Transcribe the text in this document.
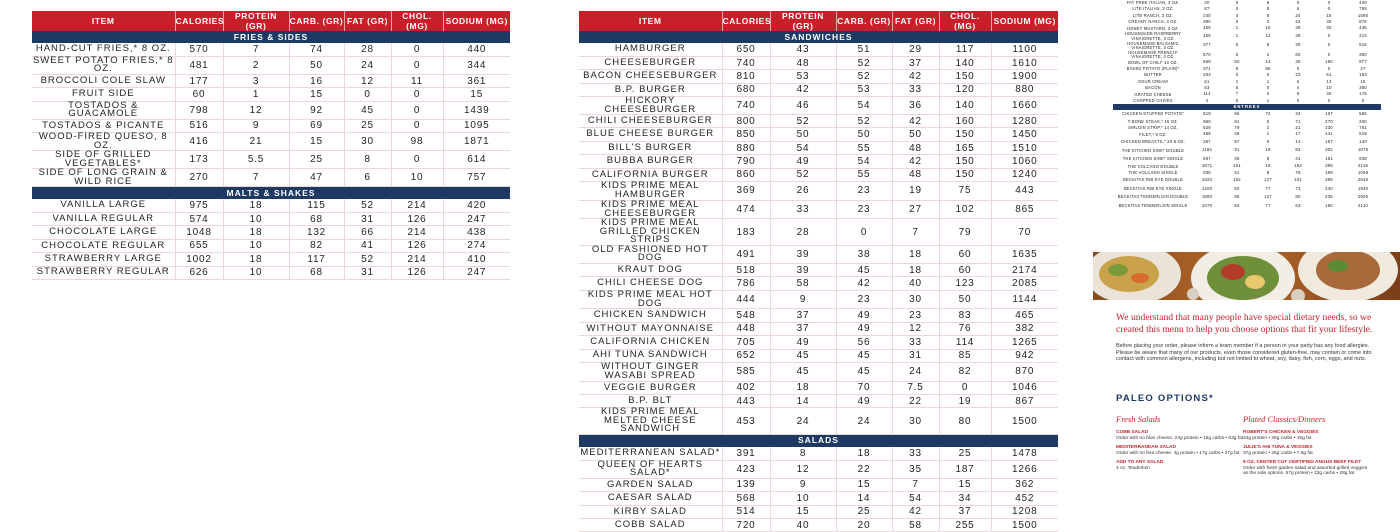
ITEM	CALORIES	PROTEIN (GR)	CARB. (GR)	FAT (GR)	CHOL. (MG)	SODIUM (MG)
FRIES & SIDES						
HAND-CUT FRIES,* 8 OZ.	570	7	74	28	0	440
SWEET POTATO FRIES,* 8 OZ.	481	2	50	24	0	344
BROCCOLI COLE SLAW	177	3	16	12	11	361
FRUIT SIDE	60	1	15	0	0	15
TOSTADOS & GUACAMOLE	798	12	92	45	0	1439
TOSTADOS & PICANTE	516	9	69	25	0	1095
WOOD-FIRED QUESO, 8 OZ.	416	21	15	30	98	1871
SIDE OF GRILLED VEGETABLES*	173	5.5	25	8	0	614
SIDE OF LONG GRAIN & WILD RICE	270	7	47	6	10	757
MALTS & SHAKES						
VANILLA LARGE	975	18	115	52	214	420
VANILLA REGULAR	574	10	68	31	126	247
CHOCOLATE LARGE	1048	18	132	66	214	438
CHOCOLATE REGULAR	655	10	82	41	126	274
STRAWBERRY LARGE	1002	18	117	52	214	410
STRAWBERRY REGULAR	626	10	68	31	126	247
ITEM	CALORIES	PROTEIN (GR)	CARB. (GR)	FAT (GR)	CHOL. (MG)	SODIUM (MG)
SANDWICHES						
HAMBURGER	650	43	51	29	117	1100
CHEESEBURGER	740	48	52	37	140	1610
BACON CHEESEBURGER	810	53	52	42	150	1900
B.P. BURGER	680	42	53	33	120	880
HICKORY CHEESEBURGER	740	46	54	36	140	1660
CHILI CHEESEBURGER	800	52	52	42	160	1280
BLUE CHEESE BURGER	850	50	50	50	150	1450
BILL'S BURGER	880	54	55	48	165	1510
BUBBA BURGER	790	49	54	42	150	1060
CALIFORNIA BURGER	860	52	55	48	150	1240
KIDS PRIME MEAL HAMBURGER	369	26	23	19	75	443
KIDS PRIME MEAL CHEESEBURGER	474	33	23	27	102	865
KIDS PRIME MEAL GRILLED CHICKEN STRIPS	183	28	0	7	79	70
OLD FASHIONED HOT DOG	491	39	38	18	60	1635
KRAUT DOG	518	39	45	18	60	2174
CHILI CHEESE DOG	786	58	42	40	123	2085
KIDS PRIME MEAL HOT DOG	444	9	23	30	50	1144
CHICKEN SANDWICH	548	37	49	23	83	465
WITHOUT MAYONNAISE	448	37	49	12	76	382
CALIFORNIA CHICKEN	705	49	56	33	114	1265
AHI TUNA SANDWICH	652	45	45	31	85	942
WITHOUT GINGER WASABI SPREAD	585	45	45	24	82	870
VEGGIE BURGER	402	18	70	7.5	0	1046
B.P. BLT	443	14	49	22	19	867
KIDS PRIME MEAL MELTED CHEESE SANDWICH	453	24	24	30	80	1500
SALADS						
MEDITERRANEAN SALAD*	391	8	18	33	25	1478
QUEEN OF HEARTS SALAD*	423	12	22	35	187	1266
GARDEN SALAD	139	9	15	7	15	362
CAESAR SALAD	568	10	14	54	34	452
KIRBY SALAD	514	15	25	42	37	1208
COBB SALAD	720	40	20	58	255	1500
FAT FREE ITALIAN, 3 OZ.	20	0	5	0	0	440
LITE ITALIAN, 3 OZ.	87	0	8	6	0	759
LITE RANCH, 3 OZ.	240	3	6	24	15	1590
CREAMY RANCH, 3 OZ.	390	0	3	42	30	876
HONEY MUSTARD, 3 OZ.	405	1	15	39	30	435
HOUSEMADE RASPBERRY VINAIGRETTE, 3 OZ.	405	1	12	39	0	213
HOUSEMADE BALSAMIC VINAIGRETTE, 3 OZ.	377	0	6	39	0	515
HOUSEMADE FRENCH* VINAIGRETTE, 3 OZ.	570	0	3	60	0	360
BOWL OF CHILI* 10 OZ.	569	50	13	35	160	977
BAKED POTATO (PLAIN)*	371	8	86	0	0	27
BUTTER	203	0	0	23	61	183
SOUR CREAM	61	1	1	6	13	15
BACON	63	5	0	4	10	390
GRATED CHEESE	114	7	0	9	30	176
CHOPPED CHIVES	4	0	1	0	0	0
ENTREES						
CHICKEN-STUFFED POTATO*	819	56	72	34	167	556
T-BONE STEAK,* 16 OZ.	960	81	0	71	270	200
SIRLOIN STRIP,* 14 OZ.	529	79	2	21	230	761
FILET,* 8 OZ.	358	48	1	17	141	519
CHICKEN BREASTS,* 2X 5 OZ.	367	57	0	14	157	140
THE KITCHEN SINK* DOUBLE	1184	91	19	83	302	1876
THE KITCHEN SINK* SINGLE	597	45	9	41	151	938
THE VOLCANO DOUBLE	1871	101	18	152	399	2118
THE VOLCANO SINGLE	935	51	9	76	199	1059
BECKITAS RIB EYE DOUBLE	1820	102	127	101	395	2640
BECKITAS RIB EYE SINGLE	1200	62	77	73	240	1940
BECKITAS TENDERLOIN DOUBLE	1560	85	127	80	235	2920
BECKITAS TENDERLOIN SINGLE	1070	53	77	63	160	2110

We understand that many people have special dietary needs, so we created this menu to help you choose options that fit your lifestyle.

Before placing your order, please inform a team member if a person in your party has any food allergies. Please be aware that many of our products, even those considered gluten-free, may contain or come into contact with common allergens, including but not limited to wheat, soy, dairy, fish, corn, eggs, and nuts.

PALEO OPTIONS*
Fresh Salads
COBB SALAD
Order with no blue cheese. 24g protein • 16g carbs • 63g fat
MEDITERRANEAN SALAD
Order with no feta cheese. 4g protein • 17g carbs • 27g fat
ADD TO ANY SALAD
4 oz. Tenderloin
Plated Classics/Dinners
ROBERT'S CHICKEN & VEGGIES
34g protein • 25g carbs • 15g fat
JULIE'S AHI TUNA & VEGGIES
37g protein • 25g carbs • 7.6g fat
8 OZ. CENTER CUT CERTIFIED ANGUS BEEF FILET
Order with fresh garden salad and assorted grilled veggies as the side options. 57g protein • 33g carbs • 28g fat
